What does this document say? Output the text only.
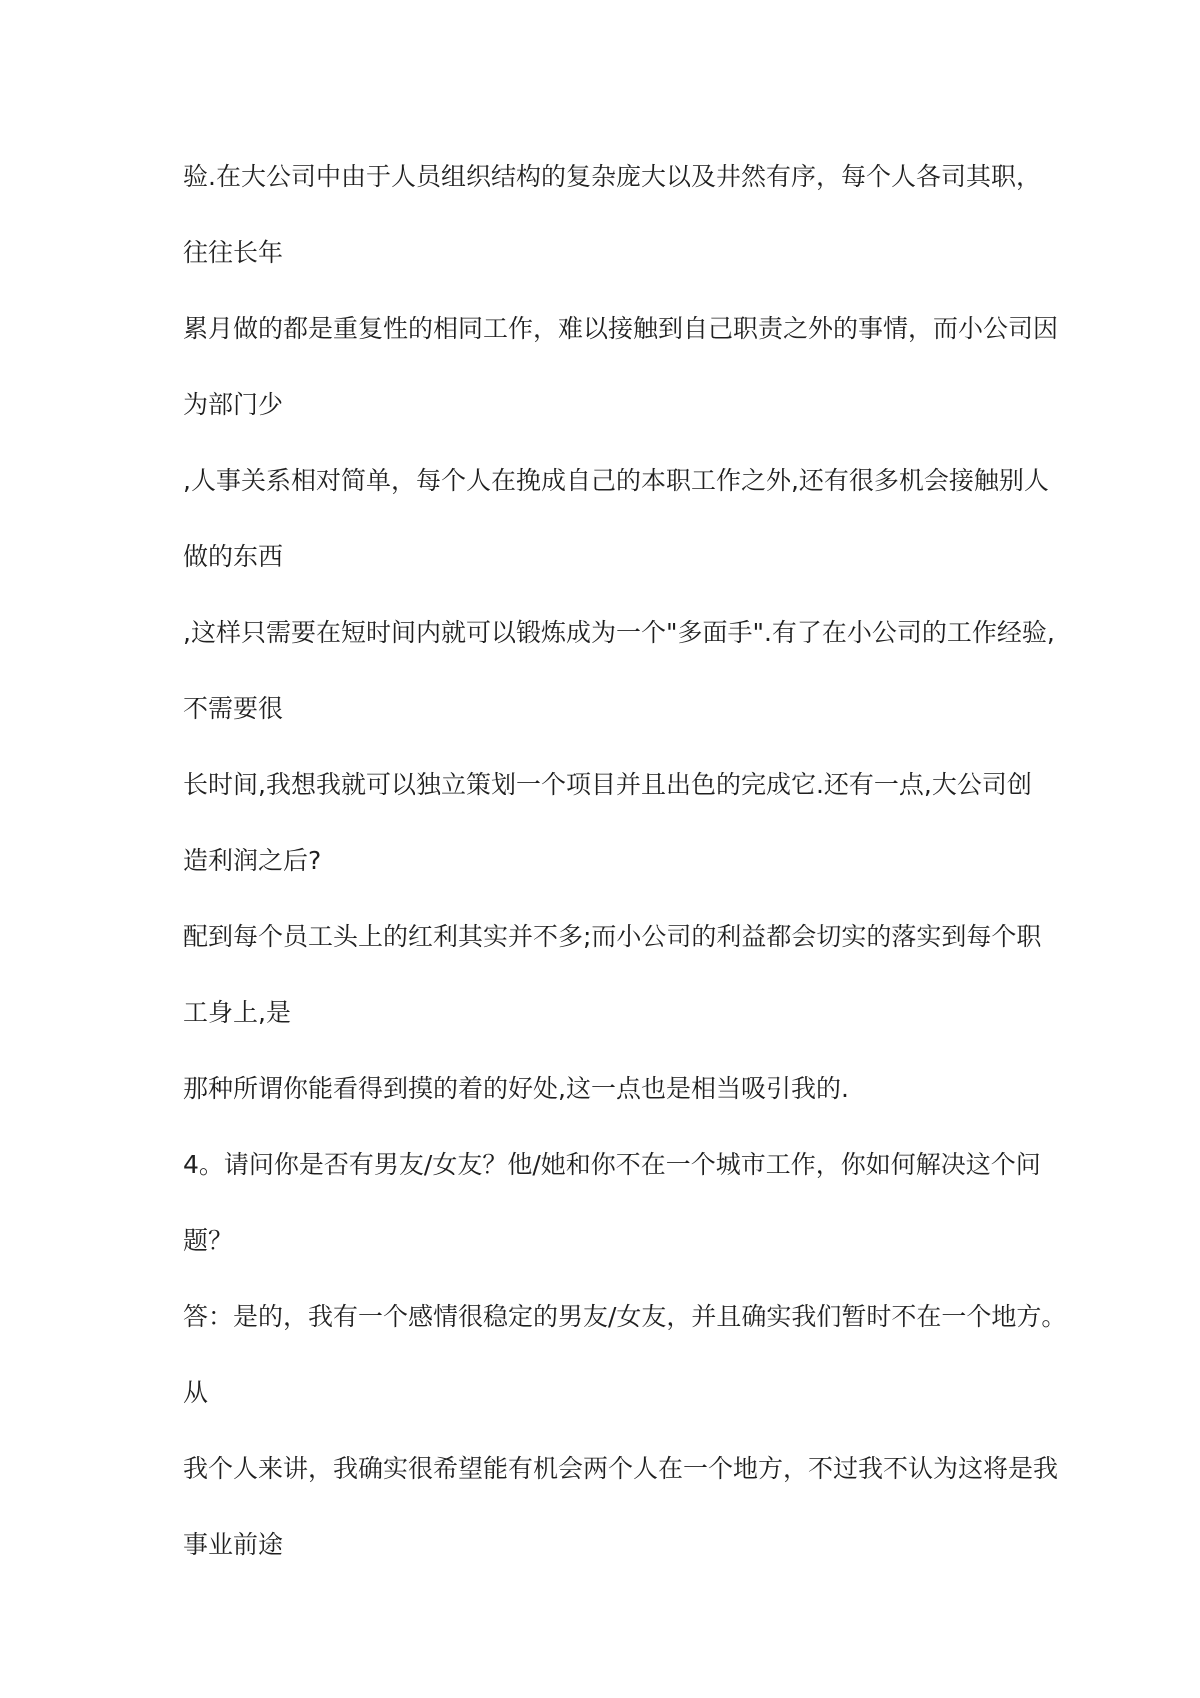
验.在大公司中由于人员组织结构的复杂庞大以及井然有序，每个人各司其职，
往往长年
累月做的都是重复性的相同工作，难以接触到自己职责之外的事情，而小公司因
为部门少
,人事关系相对简单，每个人在挽成自己的本职工作之外,还有很多机会接触别人
做的东西
,这样只需要在短时间内就可以锻炼成为一个"多面手".有了在小公司的工作经验,
不需要很
长时间,我想我就可以独立策划一个项目并且出色的完成它.还有一点,大公司创
造利润之后?
配到每个员工头上的红利其实并不多;而小公司的利益都会切实的落实到每个职
工身上,是
那种所谓你能看得到摸的着的好处,这一点也是相当吸引我的.
4。请问你是否有男友/女友？他/她和你不在一个城市工作，你如何解决这个问
题？
答：是的，我有一个感情很稳定的男友/女友，并且确实我们暂时不在一个地方。
从
我个人来讲，我确实很希望能有机会两个人在一个地方，不过我不认为这将是我
事业前途
